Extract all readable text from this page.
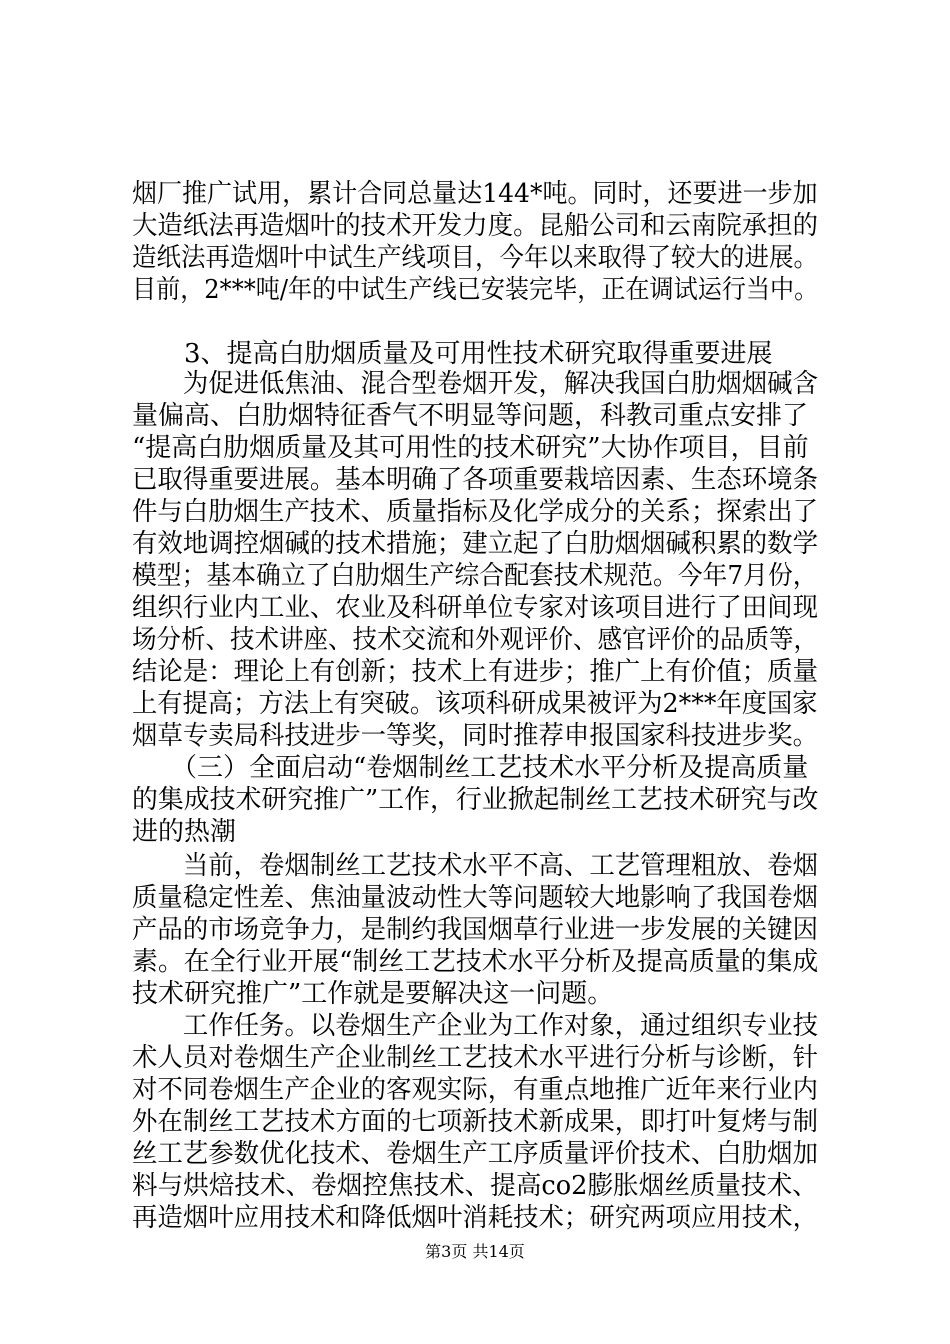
烟厂推广试用，累计合同总量达144*吨。同时，还要进一步加
大造纸法再造烟叶的技术开发力度。昆船公司和云南院承担的
造纸法再造烟叶中试生产线项目，今年以来取得了较大的进展。
目前，2***吨/年的中试生产线已安装完毕，正在调试运行当中。
　　3、提高白肋烟质量及可用性技术研究取得重要进展
　　为促进低焦油、混合型卷烟开发，解决我国白肋烟烟碱含
量偏高、白肋烟特征香气不明显等问题，科教司重点安排了
“提高白肋烟质量及其可用性的技术研究”大协作项目，目前
已取得重要进展。基本明确了各项重要栽培因素、生态环境条
件与白肋烟生产技术、质量指标及化学成分的关系；探索出了
有效地调控烟碱的技术措施；建立起了白肋烟烟碱积累的数学
模型；基本确立了白肋烟生产综合配套技术规范。今年7月份，
组织行业内工业、农业及科研单位专家对该项目进行了田间现
场分析、技术讲座、技术交流和外观评价、感官评价的品质等，
结论是：理论上有创新；技术上有进步；推广上有价值；质量
上有提高；方法上有突破。该项科研成果被评为2***年度国家
烟草专卖局科技进步一等奖，同时推荐申报国家科技进步奖。
　　（三）全面启动“卷烟制丝工艺技术水平分析及提高质量
的集成技术研究推广”工作，行业掀起制丝工艺技术研究与改
进的热潮
　　当前，卷烟制丝工艺技术水平不高、工艺管理粗放、卷烟
质量稳定性差、焦油量波动性大等问题较大地影响了我国卷烟
产品的市场竞争力，是制约我国烟草行业进一步发展的关键因
素。在全行业开展“制丝工艺技术水平分析及提高质量的集成
技术研究推广”工作就是要解决这一问题。
　　工作任务。以卷烟生产企业为工作对象，通过组织专业技
术人员对卷烟生产企业制丝工艺技术水平进行分析与诊断，针
对不同卷烟生产企业的客观实际，有重点地推广近年来行业内
外在制丝工艺技术方面的七项新技术新成果，即打叶复烤与制
丝工艺参数优化技术、卷烟生产工序质量评价技术、白肋烟加
料与烘焙技术、卷烟控焦技术、提高co2膨胀烟丝质量技术、
再造烟叶应用技术和降低烟叶消耗技术；研究两项应用技术，
第3页 共14页
